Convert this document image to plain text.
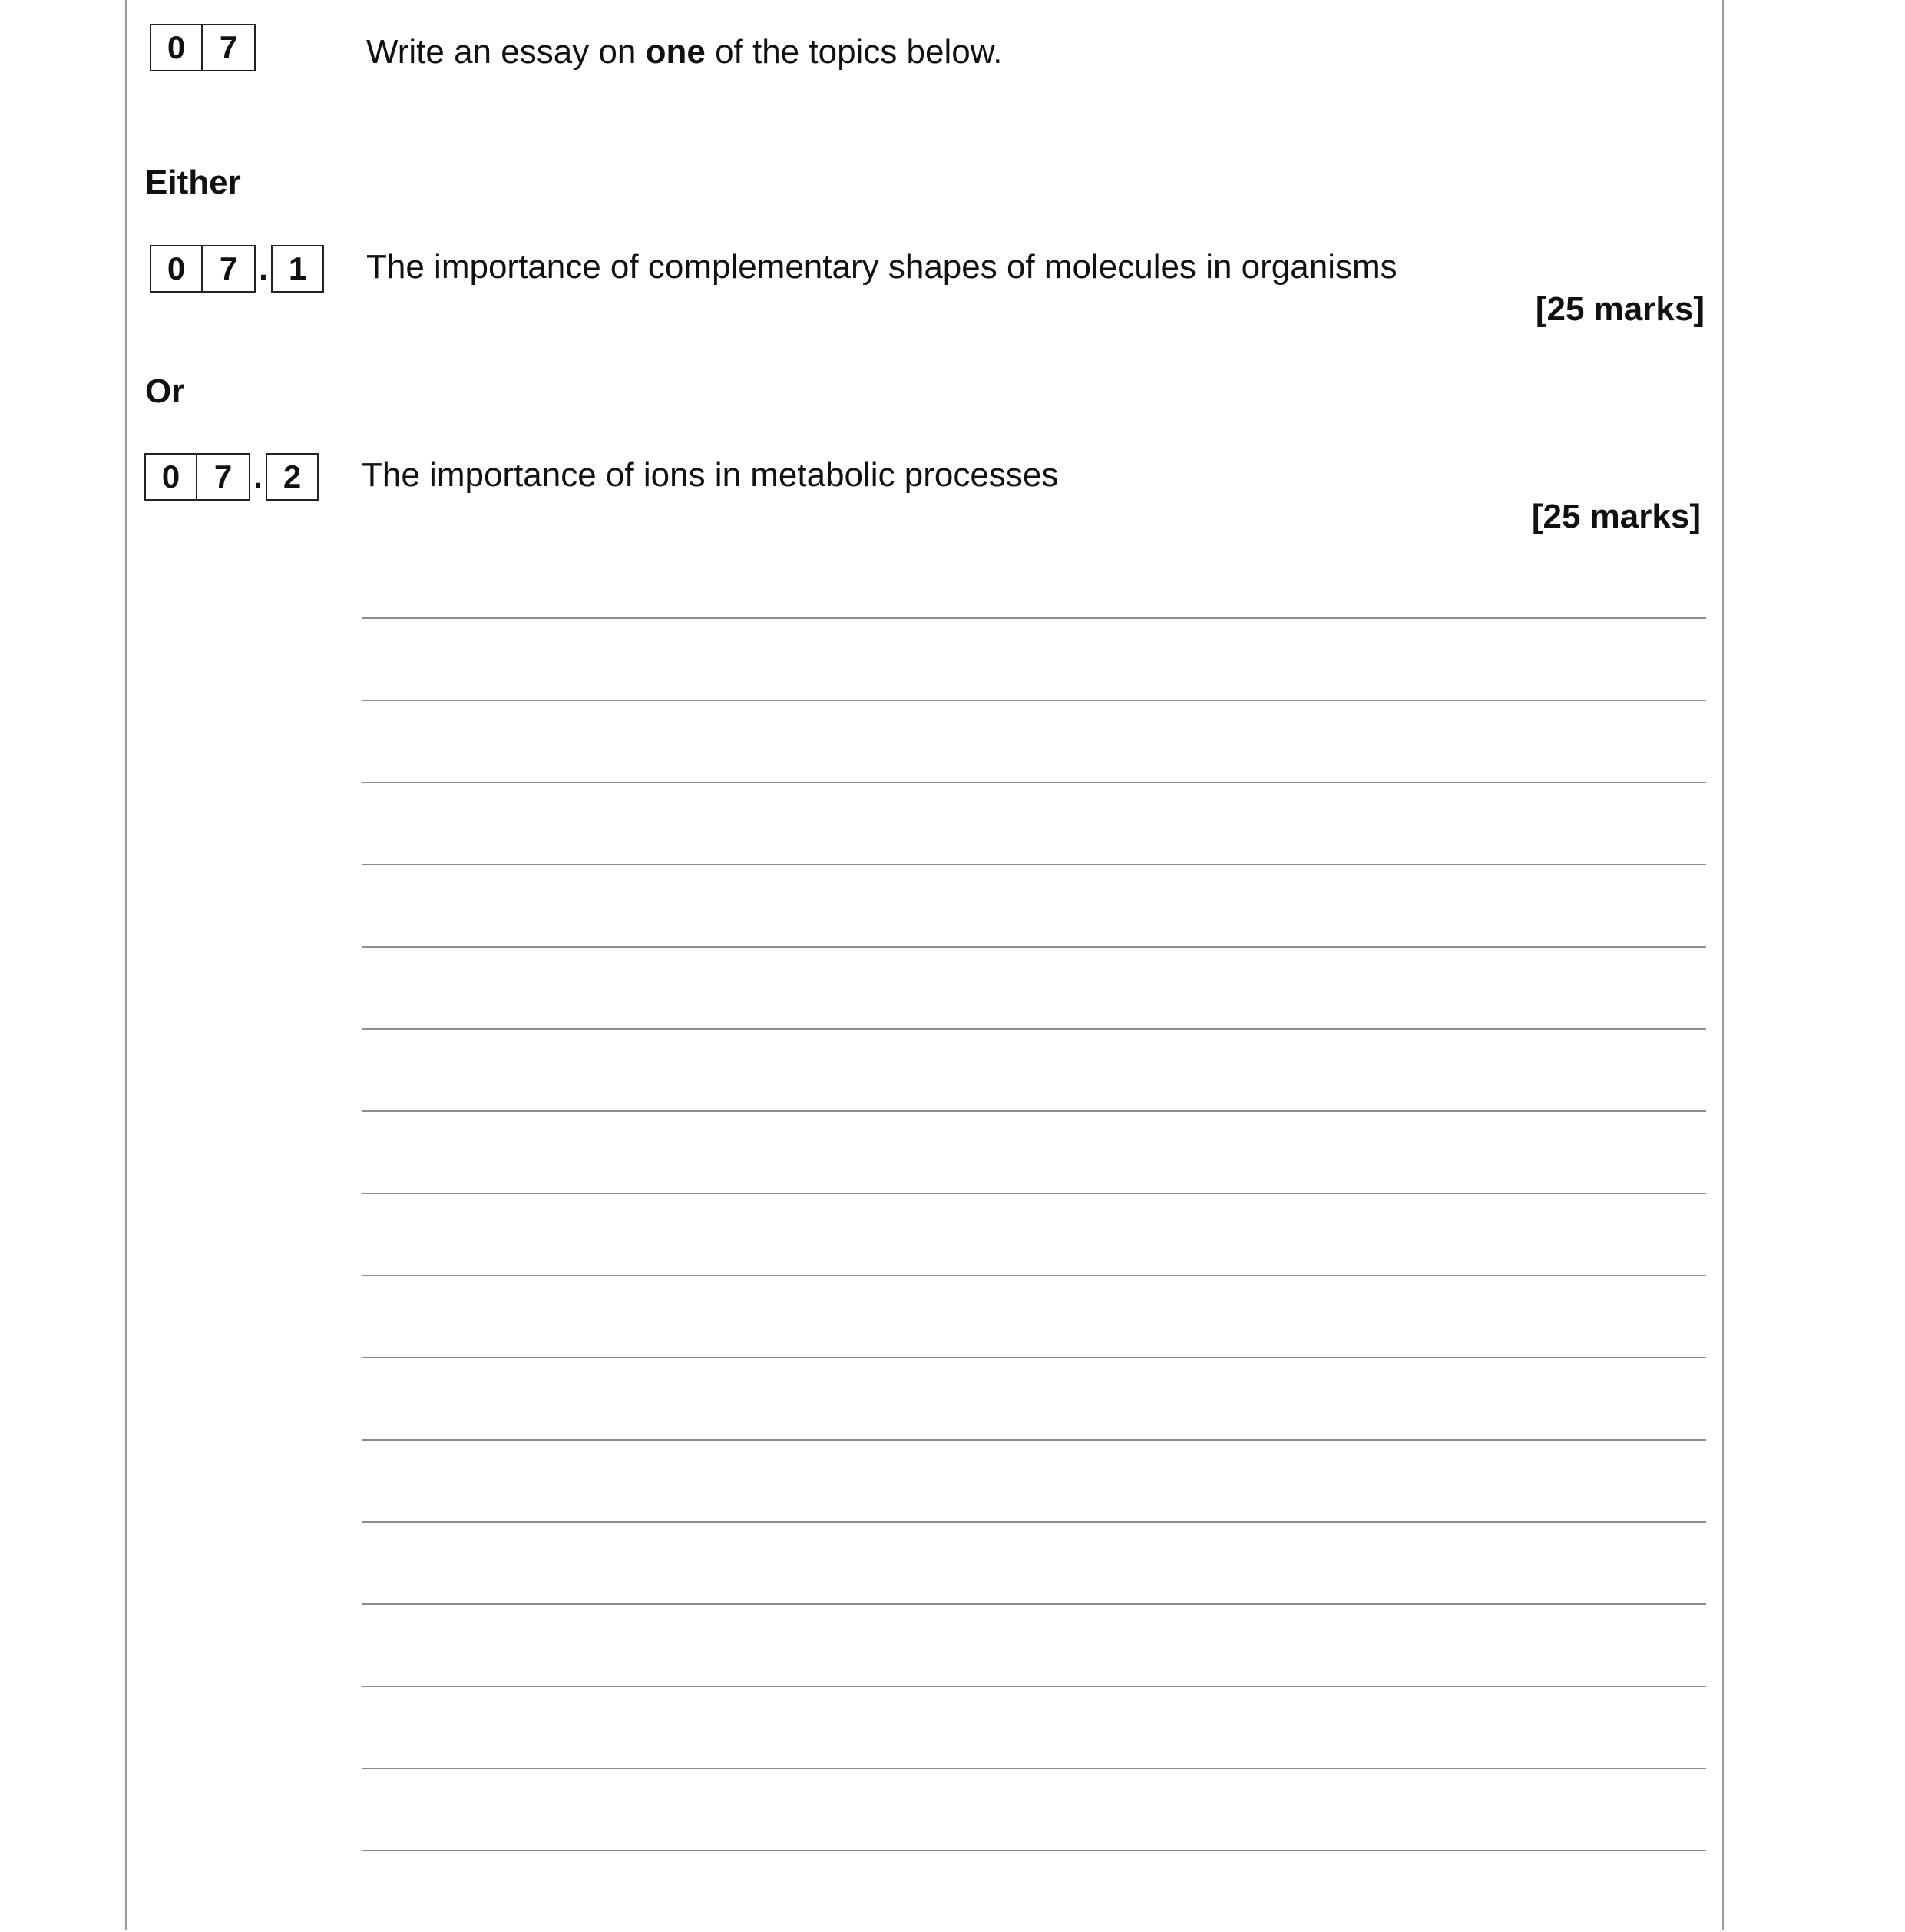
0	7	Write an essay on one of the topics below.
Either
0	7 . 1	The importance of complementary shapes of molecules in organisms
[25 marks]
Or
0	7 . 2	The importance of ions in metabolic processes
[25 marks]
